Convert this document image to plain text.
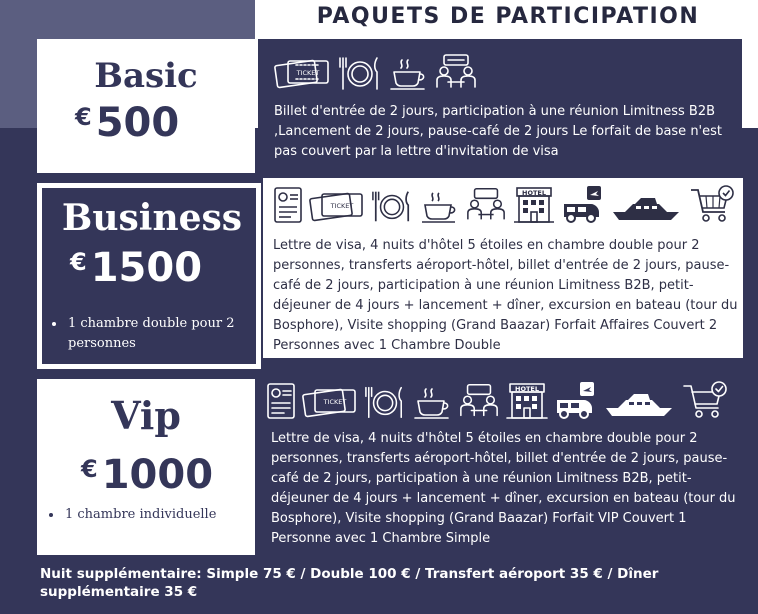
PAQUETS DE PARTICIPATION
Basic
€ 500
TICKET
Billet d'entrée de 2 jours, participation à une réunion Limitness B2B ,Lancement de 2 jours, pause-café de 2 jours Le forfait de base n'est pas couvert par la lettre d'invitation de visa
Business
€ 1500
• 1 chambre double pour 2 personnes
TICKET
HOTEL
Lettre de visa, 4 nuits d'hôtel 5 étoiles en chambre double pour 2 personnes, transferts aéroport-hôtel, billet d'entrée de 2 jours, pause-café de 2 jours, participation à une réunion Limitness B2B, petit-déjeuner de 4 jours + lancement + dîner, excursion en bateau (tour du Bosphore), Visite shopping (Grand Baazar) Forfait Affaires Couvert 2 Personnes avec 1 Chambre Double
Vip
€ 1000
• 1 chambre individuelle
TICKET
HOTEL
Lettre de visa, 4 nuits d'hôtel 5 étoiles en chambre double pour 2 personnes, transferts aéroport-hôtel, billet d'entrée de 2 jours, pause-café de 2 jours, participation à une réunion Limitness B2B, petit-déjeuner de 4 jours + lancement + dîner, excursion en bateau (tour du Bosphore), Visite shopping (Grand Baazar) Forfait VIP Couvert 1 Personne avec 1 Chambre Simple
Nuit supplémentaire: Simple 75 € / Double 100 € / Transfert aéroport 35 € / Dîner supplémentaire 35 €
